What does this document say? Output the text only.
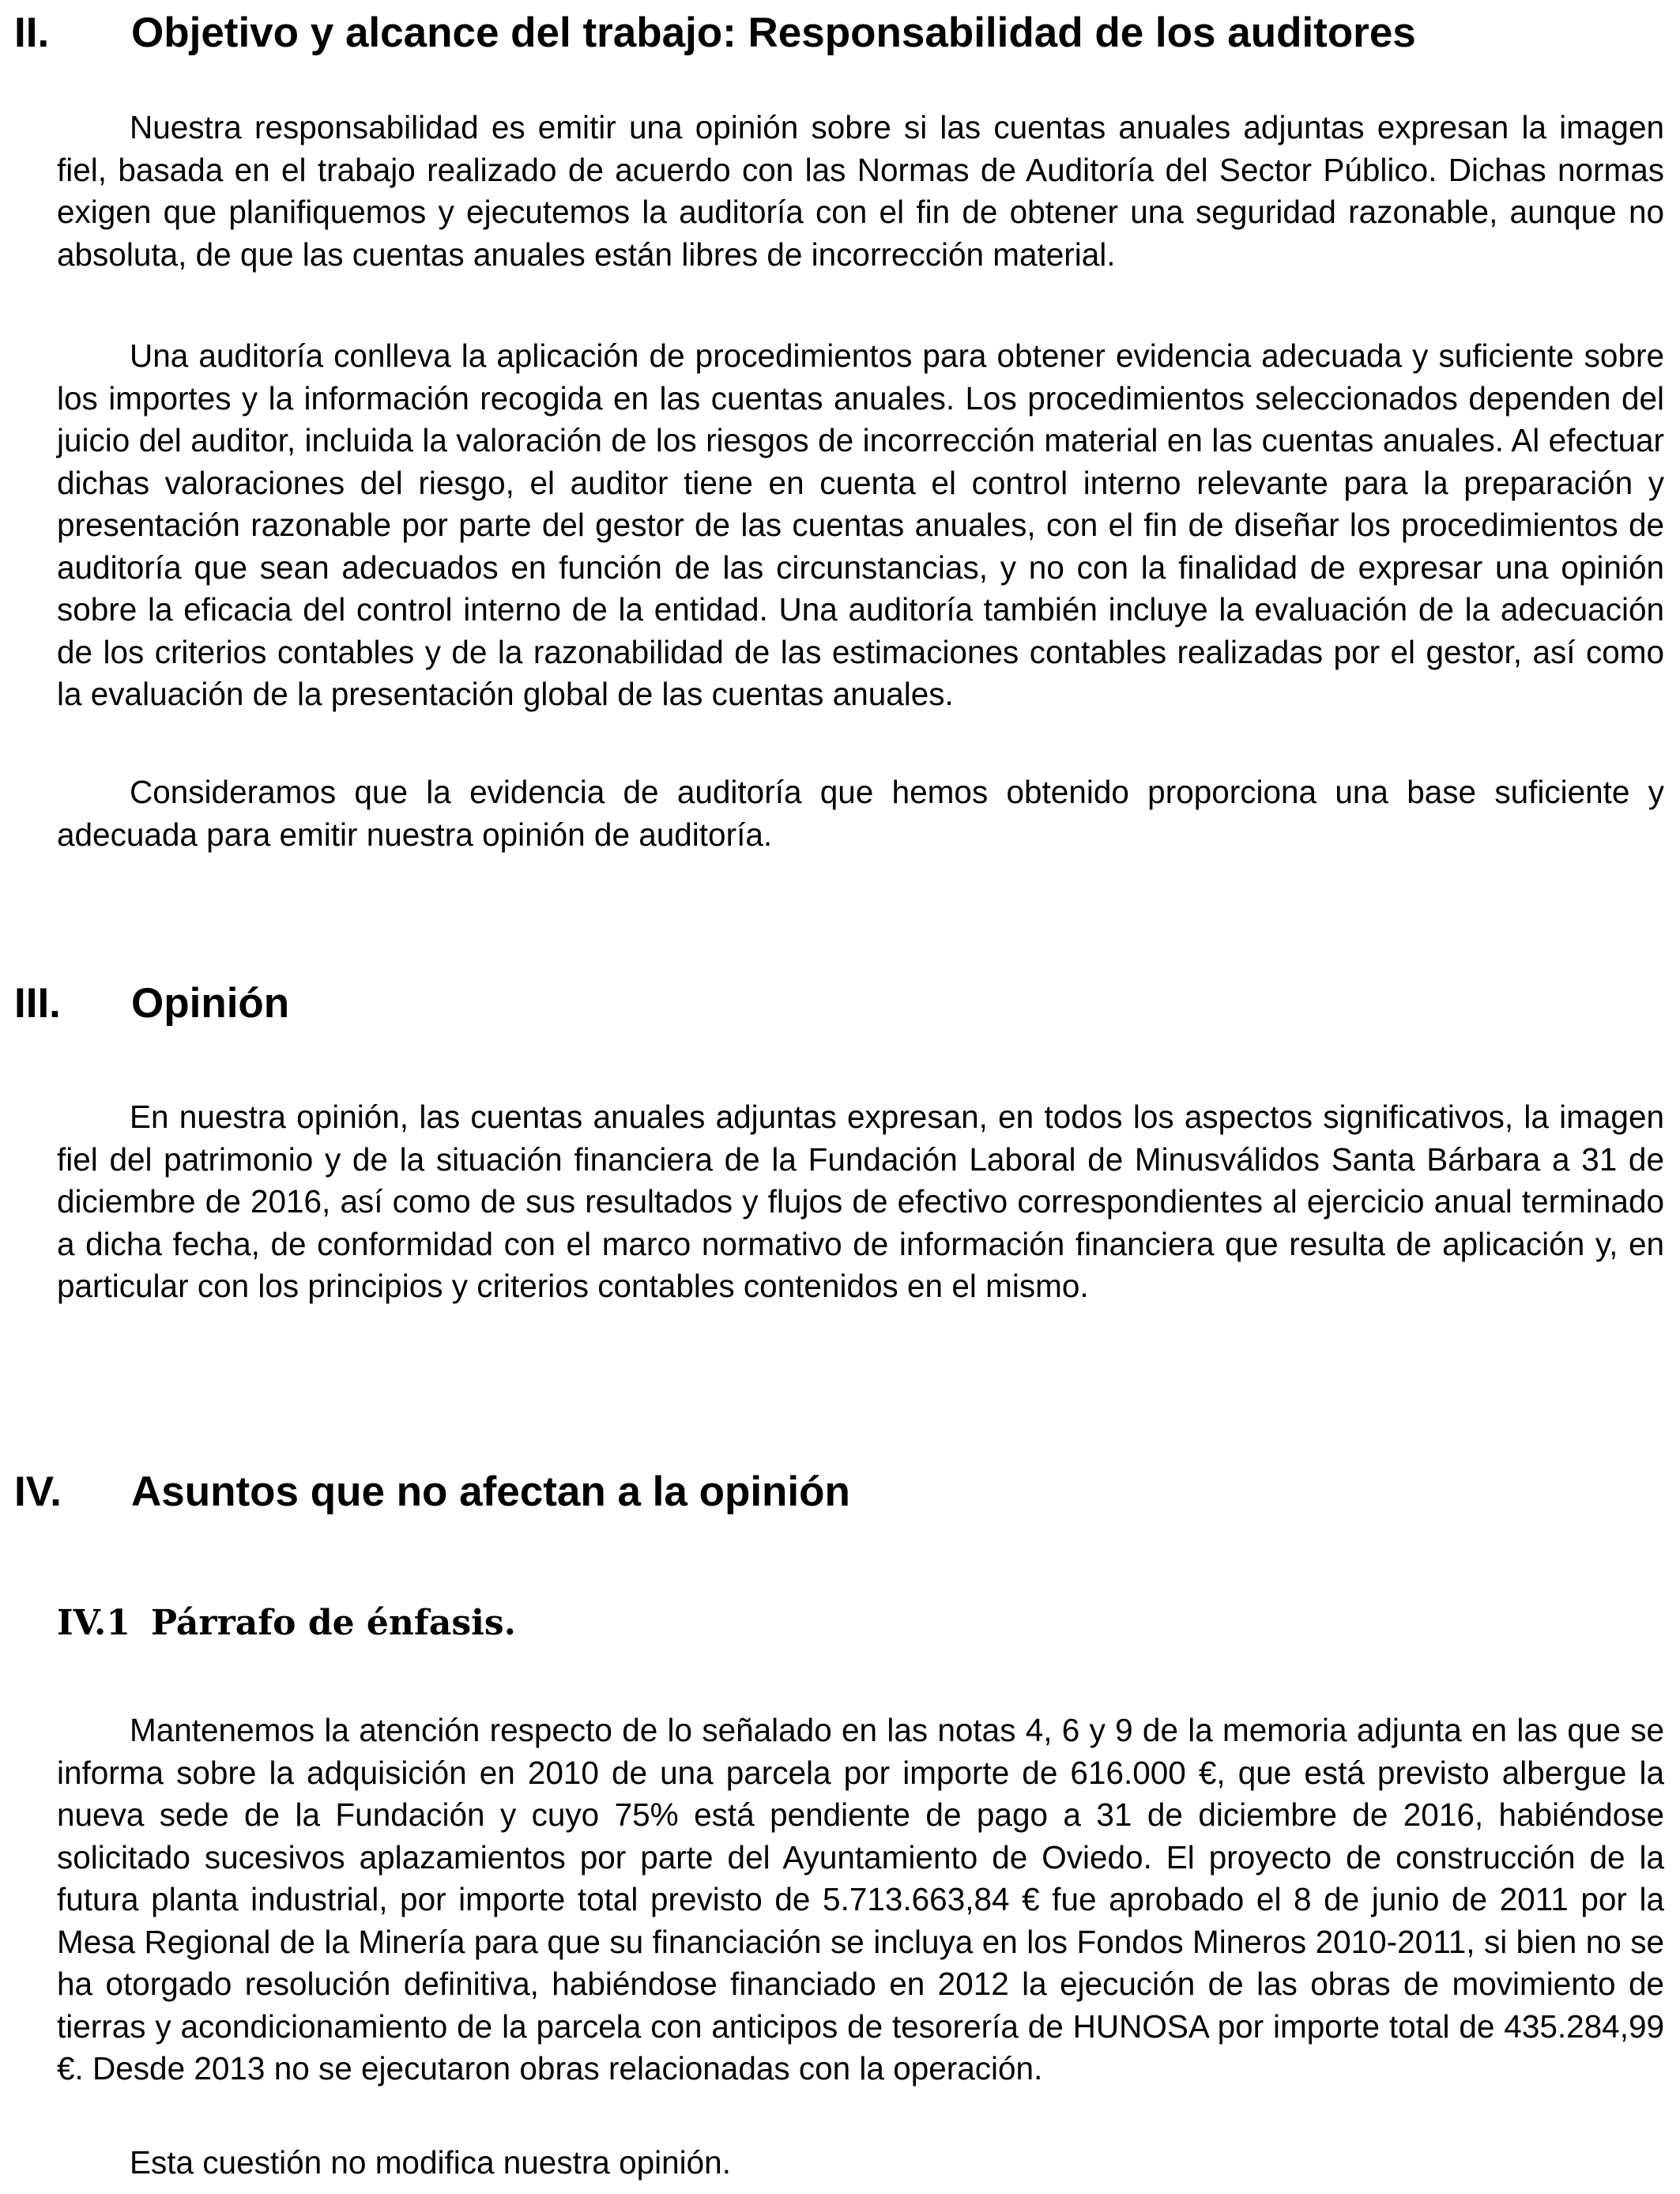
II. Objetivo y alcance del trabajo: Responsabilidad de los auditores

Nuestra responsabilidad es emitir una opinión sobre si las cuentas anuales adjuntas expresan la imagen fiel, basada en el trabajo realizado de acuerdo con las Normas de Auditoría del Sector Público. Dichas normas exigen que planifiquemos y ejecutemos la auditoría con el fin de obtener una seguridad razonable, aunque no absoluta, de que las cuentas anuales están libres de incorrección material.

Una auditoría conlleva la aplicación de procedimientos para obtener evidencia adecuada y suficiente sobre los importes y la información recogida en las cuentas anuales. Los procedimientos seleccionados dependen del juicio del auditor, incluida la valoración de los riesgos de incorrección material en las cuentas anuales. Al efectuar dichas valoraciones del riesgo, el auditor tiene en cuenta el control interno relevante para la preparación y presentación razonable por parte del gestor de las cuentas anuales, con el fin de diseñar los procedimientos de auditoría que sean adecuados en función de las circunstancias, y no con la finalidad de expresar una opinión sobre la eficacia del control interno de la entidad. Una auditoría también incluye la evaluación de la adecuación de los criterios contables y de la razonabilidad de las estimaciones contables realizadas por el gestor, así como la evaluación de la presentación global de las cuentas anuales.

Consideramos que la evidencia de auditoría que hemos obtenido proporciona una base suficiente y adecuada para emitir nuestra opinión de auditoría.

III. Opinión

En nuestra opinión, las cuentas anuales adjuntas expresan, en todos los aspectos significativos, la imagen fiel del patrimonio y de la situación financiera de la Fundación Laboral de Minusválidos Santa Bárbara a 31 de diciembre de 2016, así como de sus resultados y flujos de efectivo correspondientes al ejercicio anual terminado a dicha fecha, de conformidad con el marco normativo de información financiera que resulta de aplicación y, en particular con los principios y criterios contables contenidos en el mismo.

IV. Asuntos que no afectan a la opinión
IV.1 Párrafo de énfasis.

Mantenemos la atención respecto de lo señalado en las notas 4, 6 y 9 de la memoria adjunta en las que se informa sobre la adquisición en 2010 de una parcela por importe de 616.000 €, que está previsto albergue la nueva sede de la Fundación y cuyo 75% está pendiente de pago a 31 de diciembre de 2016, habiéndose solicitado sucesivos aplazamientos por parte del Ayuntamiento de Oviedo. El proyecto de construcción de la futura planta industrial, por importe total previsto de 5.713.663,84 € fue aprobado el 8 de junio de 2011 por la Mesa Regional de la Minería para que su financiación se incluya en los Fondos Mineros 2010-2011, si bien no se ha otorgado resolución definitiva, habiéndose financiado en 2012 la ejecución de las obras de movimiento de tierras y acondicionamiento de la parcela con anticipos de tesorería de HUNOSA por importe total de 435.284,99 €. Desde 2013 no se ejecutaron obras relacionadas con la operación.

Esta cuestión no modifica nuestra opinión.
